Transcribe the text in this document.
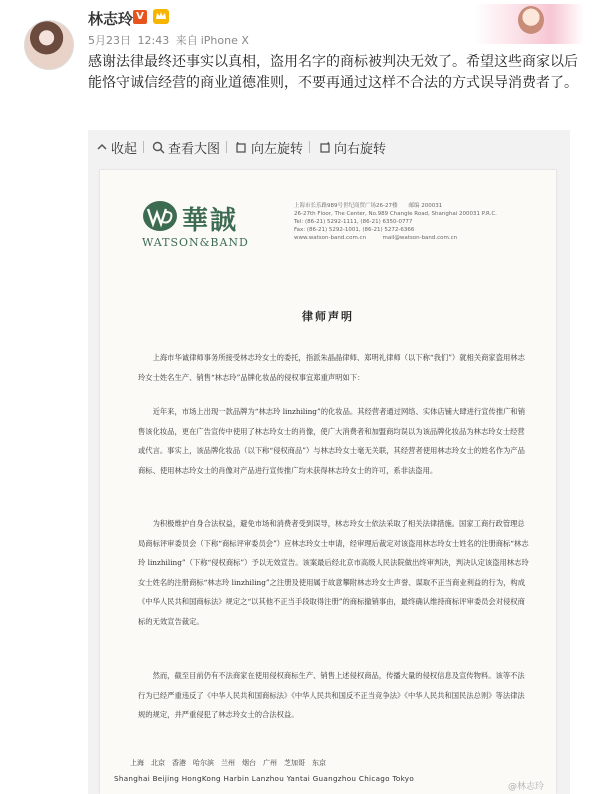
林志玲 V
5月23日 12:43 来自 iPhone X
感谢法律最终还事实以真相，盗用名字的商标被判决无效了。希望这些商家以后能恪守诚信经营的商业道德准则，不要再通过这样不合法的方式误导消费者了。
收起 查看大图 向左旋转 向右旋转
華誠
WATSON&BAND
上海市长乐路989号世纪商贸广场26-27楼　　邮编 200031
26-27th Floor, The Center, No.989 Changle Road, Shanghai 200031 P.R.C.
Tel: (86-21) 5292-1111, (86-21) 6350-0777
Fax: (86-21) 5292-1001, (86-21) 5272-6366
www.watson-band.com.cn　　　mail@watson-band.com.cn
律师声明
上海市华诚律师事务所接受林志玲女士的委托，指派朱晶晶律师、郑明礼律师（以下称“我们”）就相关商家盗用林志玲女士姓名生产、销售“林志玲”品牌化妆品的侵权事宜郑重声明如下：
近年来，市场上出现一款品牌为“林志玲 linzhiling”的化妆品。其经营者通过网络、实体店铺大肆进行宣传推广和销售该化妆品，更在广告宣传中使用了林志玲女士的肖像，使广大消费者和加盟商均误以为该品牌化妆品为林志玲女士经营或代言。事实上，该品牌化妆品（以下称“侵权商品”）与林志玲女士毫无关联，其经营者使用林志玲女士的姓名作为产品商标、使用林志玲女士的肖像对产品进行宣传推广均未获得林志玲女士的许可，系非法盗用。
为积极维护自身合法权益，避免市场和消费者受到误导，林志玲女士依法采取了相关法律措施。国家工商行政管理总局商标评审委员会（下称“商标评审委员会”）应林志玲女士申请，经审理后裁定对该盗用林志玲女士姓名的注册商标“林志玲 linzhiling”（下称“侵权商标”）予以无效宣告。该案最后经北京市高级人民法院做出终审判决，判决认定该盗用林志玲女士姓名的注册商标“林志玲 linzhiling”之注册及使用属于故意攀附林志玲女士声誉、谋取不正当商业利益的行为，构成《中华人民共和国商标法》规定之“以其他不正当手段取得注册”的商标撤销事由，最终确认维持商标评审委员会对侵权商标的无效宣告裁定。
然而，截至目前仍有不法商家在使用侵权商标生产、销售上述侵权商品，传播大量的侵权信息及宣传物料。该等不法行为已经严重违反了《中华人民共和国商标法》《中华人民共和国反不正当竞争法》《中华人民共和国民法总则》等法律法规的规定，并严重侵犯了林志玲女士的合法权益。
上海　北京　香港　哈尔滨　兰州　烟台　广州　芝加哥　东京
Shanghai Beijing HongKong Harbin Lanzhou Yantai Guangzhou Chicago Tokyo
@林志玲
